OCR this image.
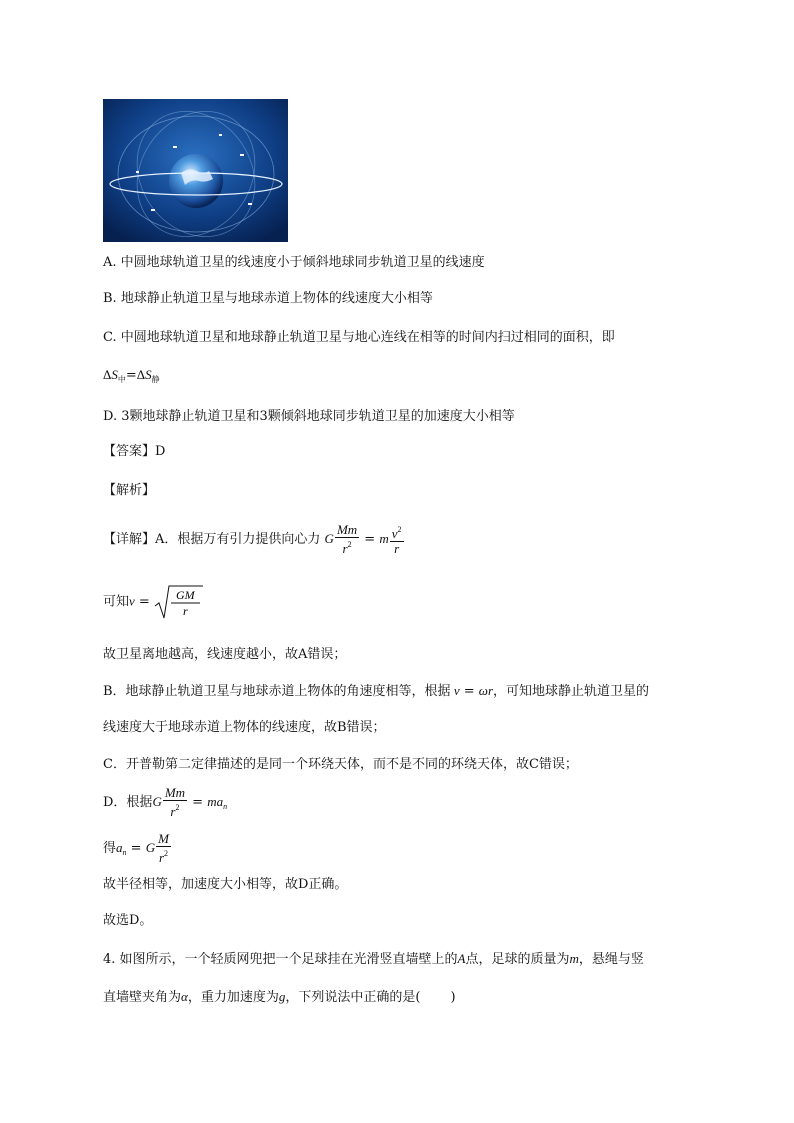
A. 中圆地球轨道卫星的线速度小于倾斜地球同步轨道卫星的线速度
B. 地球静止轨道卫星与地球赤道上物体的线速度大小相等
C. 中圆地球轨道卫星和地球静止轨道卫星与地心连线在相等的时间内扫过相同的面积，即
$\Delta S_中=\Delta S_静$
D. 3颗地球静止轨道卫星和3颗倾斜地球同步轨道卫星的加速度大小相等
【答案】D
【解析】
【详解】A．根据万有引力提供向心力 G $\frac{Mm}{r^2} = m \frac{v^2}{r}$
可知v = GM
r
故卫星离地越高，线速度越小，故A错误；
B．地球静止轨道卫星与地球赤道上物体的角速度相等，根据 v = ωr，可知地球静止轨道卫星的
线速度大于地球赤道上物体的线速度，故B错误；
C．开普勒第二定律描述的是同一个环绕天体，而不是不同的环绕天体，故C错误；
D．根据G $\frac{Mm}{r^2} = ma_n$
得$a_n = G \frac{M}{r^2}$
故半径相等，加速度大小相等，故D正确。
故选D。
4. 如图所示，一个轻质网兜把一个足球挂在光滑竖直墙壁上的A点，足球的质量为m，悬绳与竖
直墙壁夹角为α，重力加速度为g，下列说法中正确的是( )
